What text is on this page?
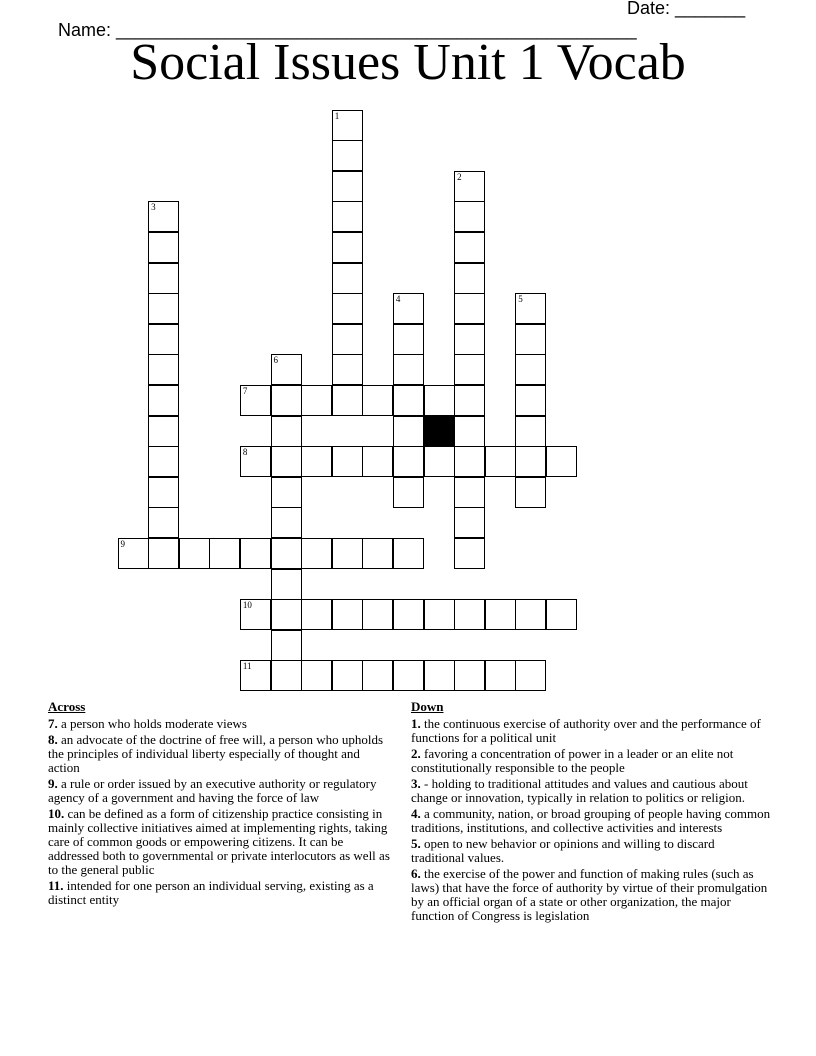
Name: ____________________________________________________

Date: _______

Social Issues Unit 1 Vocab
1
2
3
4	5
6
7
8
9
10
11
Across
7. a person who holds moderate views
8. an advocate of the doctrine of free will, a person who upholds the principles of individual liberty especially of thought and action
9. a rule or order issued by an executive authority or regulatory agency of a government and having the force of law
10. can be defined as a form of citizenship practice consisting in mainly collective initiatives aimed at implementing rights, taking care of common goods or empowering citizens. It can be addressed both to governmental or private interlocutors as well as to the general public
11. intended for one person an individual serving, existing as a distinct entity
Down
1. the continuous exercise of authority over and the performance of functions for a political unit
2. favoring a concentration of power in a leader or an elite not constitutionally responsible to the people
3. - holding to traditional attitudes and values and cautious about change or innovation, typically in relation to politics or religion.
4. a community, nation, or broad grouping of people having common traditions, institutions, and collective activities and interests
5. open to new behavior or opinions and willing to discard traditional values.
6. the exercise of the power and function of making rules (such as laws) that have the force of authority by virtue of their promulgation by an official organ of a state or other organization, the major function of Congress is legislation
